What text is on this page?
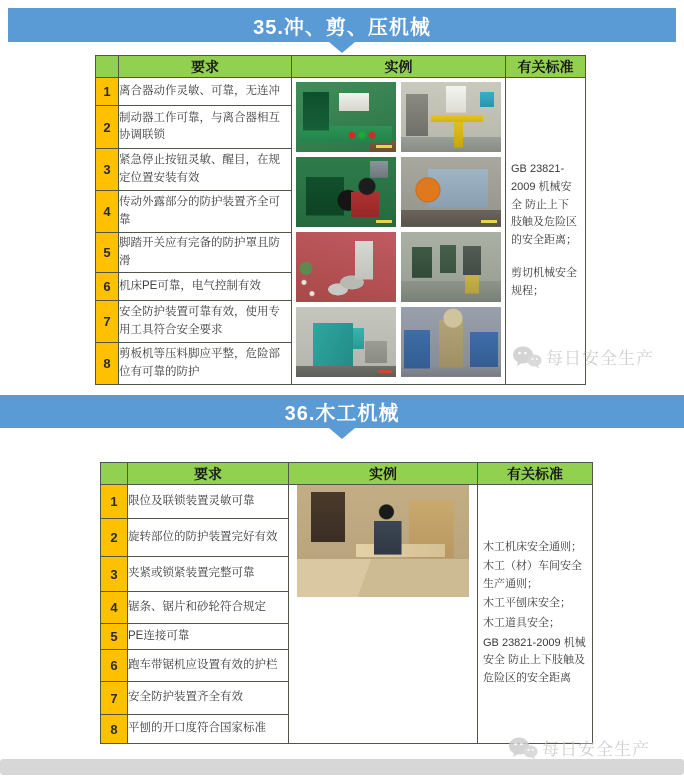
35.冲、剪、压机械
	要求	实例	有关标准
1	离合器动作灵敏、可靠，无连冲		GB 23821-2009 机械安全 防止上下肢触及危险区的安全距离；
剪切机械安全规程；

2	制动器工作可靠，与离合器相互协调联锁		
3	紧急停止按钮灵敏、醒目，在规定位置安装有效		
4	传动外露部分的防护装置齐全可靠		
5	脚踏开关应有完备的防护罩且防滑		
6	机床PE可靠，电气控制有效		
7	安全防护装置可靠有效，使用专用工具符合安全要求		
8	剪板机等压料脚应平整，危险部位有可靠的防护		
每日安全生产
36.木工机械
	要求	实例	有关标准
1	限位及联锁装置灵敏可靠		木工机床安全通则；
木工（材）车间安全生产通则；
木工平刨床安全；
木工道具安全；
GB 23821-2009 机械安全 防止上下肢触及危险区的安全距离

2	旋转部位的防护装置完好有效		
3	夹紧或锁紧装置完整可靠		
4	锯条、锯片和砂轮符合规定		
5	PE连接可靠		
6	跑车带锯机应设置有效的护栏		
7	安全防护装置齐全有效		
8	平刨的开口度符合国家标准		
每日安全生产
